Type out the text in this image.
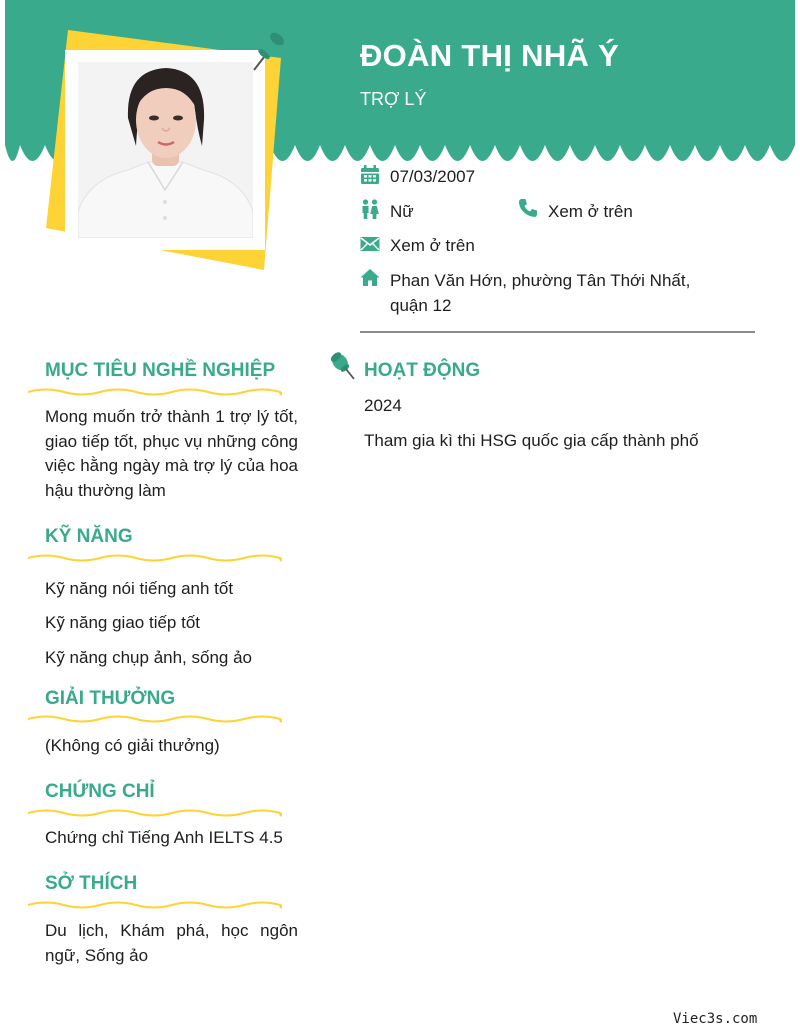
ĐOÀN THỊ NHÃ Ý
TRỢ LÝ
07/03/2007
Nữ	Xem ở trên
Xem ở trên
Phan Văn Hớn, phường Tân Thới Nhất,
quận 12
MỤC TIÊU NGHỀ NGHIỆP
Mong muốn trở thành 1 trợ lý tốt, giao tiếp tốt, phục vụ những công việc hằng ngày mà trợ lý của hoa hậu thường làm
KỸ NĂNG
Kỹ năng nói tiếng anh tốt
Kỹ năng giao tiếp tốt
Kỹ năng chụp ảnh, sống ảo
GIẢI THƯỞNG
(Không có giải thưởng)
CHỨNG CHỈ
Chứng chỉ Tiếng Anh IELTS 4.5
SỞ THÍCH
Du lịch, Khám phá, học ngôn ngữ, Sống ảo
HOẠT ĐỘNG
2024
Tham gia kì thi HSG quốc gia cấp thành phố
Viec3s.com
